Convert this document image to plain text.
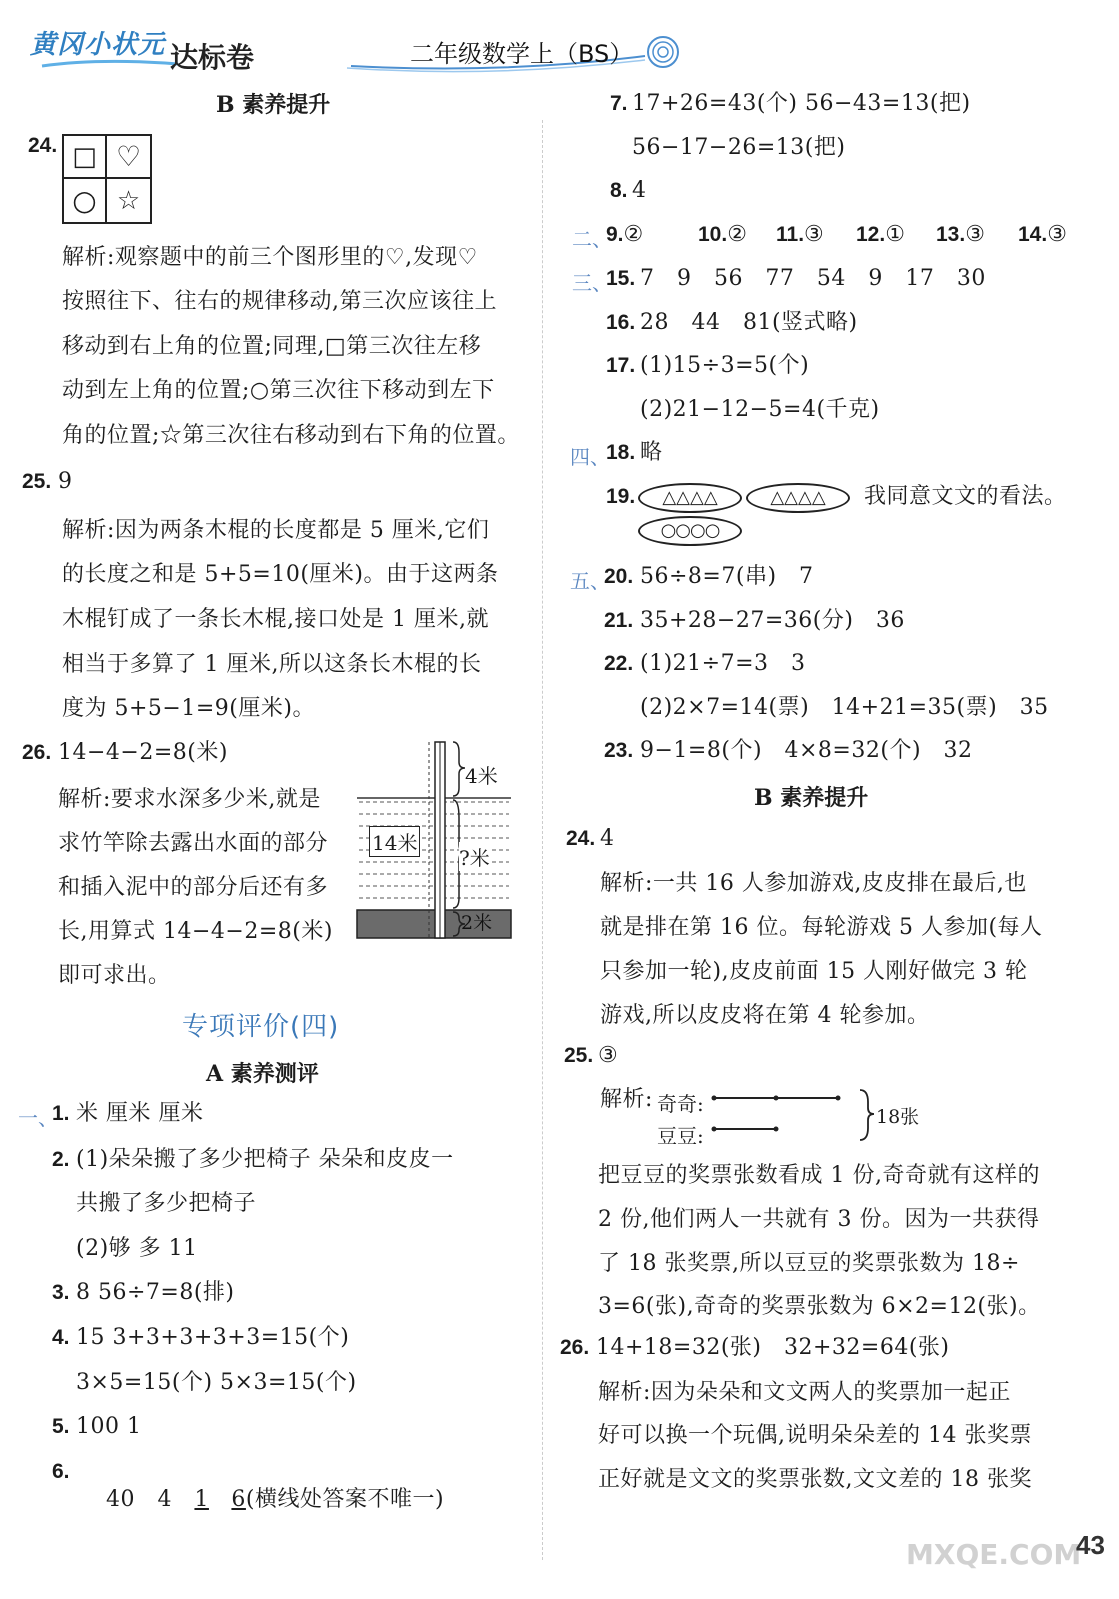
黄冈小状元 达标卷	二年级数学上（BS）
B 素养提升
24. □ ♡
○ ☆
解析:观察题中的前三个图形里的♡,发现♡
按照往下、往右的规律移动,第三次应该往上
移动到右上角的位置;同理,□第三次往左移
动到左上角的位置;○第三次往下移动到左下
角的位置;☆第三次往右移动到右下角的位置。
25. 9
解析:因为两条木棍的长度都是 5 厘米,它们
的长度之和是 5+5=10(厘米)。由于这两条
木棍钉成了一条长木棍,接口处是 1 厘米,就
相当于多算了 1 厘米,所以这条长木棍的长
度为 5+5−1=9(厘米)。
26. 14−4−2=8(米)
解析:要求水深多少米,就是
求竹竿除去露出水面的部分
和插入泥中的部分后还有多
长,用算式 14−4−2=8(米)
即可求出。
4米
14米
?米
2米
专项评价(四)
A 素养测评
一、
1. 米 厘米 厘米
2. (1)朵朵搬了多少把椅子 朵朵和皮皮一
共搬了多少把椅子
(2)够 多 11
3. 8 56÷7=8(排)
4. 15 3+3+3+3+3=15(个)
3×5=15(个) 5×3=15(个)
5. 100 1
6.

40   4   1 6(横线处答案不唯一)

7. 17+26=43(个) 56−43=13(把)
56−17−26=13(把)
8. 4
二、
9.②	10.②	11.③	12.①	13.③	14.③
三、
15. 7   9   56   77   54   9   17   30
16. 28   44   81(竖式略)
17. (1)15÷3=5(个)
(2)21−12−5=4(千克)
四、
18. 略
19.	△△△△	△△△△	我同意文文的看法。
○○○○
五、
20. 56÷8=7(串)   7
21. 35+28−27=36(分)   36
22. (1)21÷7=3   3
(2)2×7=14(票)   14+21=35(票)   35
23. 9−1=8(个)   4×8=32(个)   32
B 素养提升
24. 4
解析:一共 16 人参加游戏,皮皮排在最后,也
就是排在第 16 位。每轮游戏 5 人参加(每人
只参加一轮),皮皮前面 15 人刚好做完 3 轮
游戏,所以皮皮将在第 4 轮参加。
25. ③
解析: 奇奇:
豆豆:
18张
把豆豆的奖票张数看成 1 份,奇奇就有这样的
2 份,他们两人一共就有 3 份。因为一共获得
了 18 张奖票,所以豆豆的奖票张数为 18÷
3=6(张),奇奇的奖票张数为 6×2=12(张)。
26. 14+18=32(张)   32+32=64(张)
解析:因为朵朵和文文两人的奖票加一起正
好可以换一个玩偶,说明朵朵差的 14 张奖票
正好就是文文的奖票张数,文文差的 18 张奖
MXQE.COM
43
